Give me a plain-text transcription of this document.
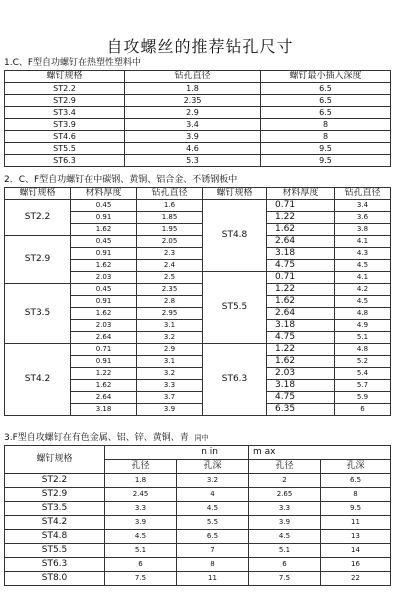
自攻螺丝的推荐钻孔尺寸
1.C、F型自功螺钉在热塑性塑料中
螺钉规格	钻孔直径	螺钉最小插入深度
ST2.2	1.8	6.5
ST2.9	2.35	6.5
ST3.4	2.9	6.5
ST3.9	3.4	8
ST4.6	3.9	8
ST5.5	4.6	9.5
ST6.3	5.3	9.5
2．C、F型自功螺钉在中碳钢、黄铜、铝合金、不锈钢板中
螺钉规格	材料厚度	钻孔直径	螺钉规格	材料厚度	钻孔直径
ST2.2	0.45	1.6	ST4.8	0.71	3.4
	0.91	1.85		1.22	3.6
	1.62	1.95		1.62	3.8
ST2.9	0.45	2.05		2.64	4.1
	0.91	2.3		3.18	4.3
	1.62	2.4		4.75	4.5
	2.03	2.5	ST5.5	0.71	4.1
ST3.5	0.45	2.35		1.22	4.2
	0.91	2.8		1.62	4.5
	1.62	2.95		2.64	4.8
	2.03	3.1		3.18	4.9
	2.64	3.2		4.75	5.1
ST4.2	0.71	2.9	ST6.3	1.22	4.8
	0.91	3.1		1.62	5.2
	1.22	3.2		2.03	5.4
	1.62	3.3		3.18	5.7
	2.64	3.7		4.75	5.9
	3.18	3.9		6.35	6
3.F型自攻螺钉在有色金属、铝、锌、黄铜、青 同中
螺钉规格	n in		m ax	
	孔径	孔深	孔径	孔深
ST2.2	1.8	3.2	2	6.5
ST2.9	2.45	4	2.65	8
ST3.5	3.3	4.5	3.3	9.5
ST4.2	3.9	5.5	3.9	11
ST4.8	4.5	6.5	4.5	13
ST5.5	5.1	7	5.1	14
ST6.3	6	8	6	16
ST8.0	7.5	11	7.5	22
